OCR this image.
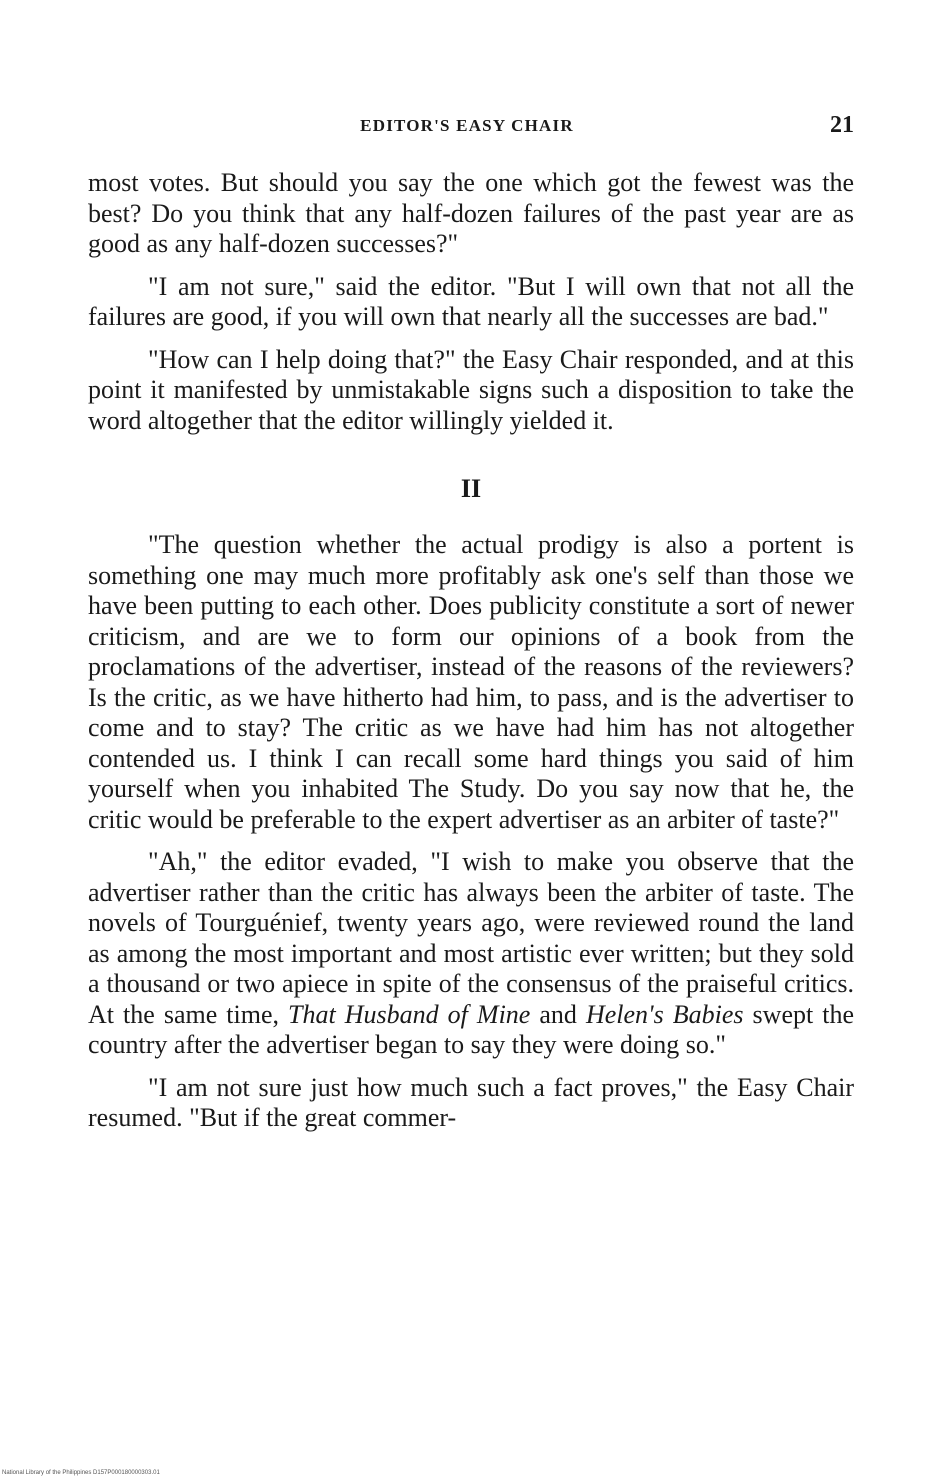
EDITOR'S EASY CHAIR	21

most votes. But should you say the one which got the fewest was the best? Do you think that any half-dozen failures of the past year are as good as any half-dozen successes?"

"I am not sure," said the editor. "But I will own that not all the failures are good, if you will own that nearly all the successes are bad."

"How can I help doing that?" the Easy Chair responded, and at this point it manifested by unmistakable signs such a disposition to take the word altogether that the editor willingly yielded it.

II

"The question whether the actual prodigy is also a portent is something one may much more profitably ask one's self than those we have been putting to each other. Does publicity constitute a sort of newer criticism, and are we to form our opinions of a book from the proclamations of the advertiser, instead of the reasons of the reviewers? Is the critic, as we have hitherto had him, to pass, and is the advertiser to come and to stay? The critic as we have had him has not altogether contended us. I think I can recall some hard things you said of him yourself when you inhabited The Study. Do you say now that he, the critic would be preferable to the expert advertiser as an arbiter of taste?"

"Ah," the editor evaded, "I wish to make you observe that the advertiser rather than the critic has always been the arbiter of taste. The novels of Tourguénief, twenty years ago, were reviewed round the land as among the most important and most artistic ever written; but they sold a thousand or two apiece in spite of the consensus of the praiseful critics. At the same time, That Husband of Mine and Helen's Babies swept the country after the advertiser began to say they were doing so."

"I am not sure just how much such a fact proves," the Easy Chair resumed. "But if the great commer-

National Library of the Philippines D157P000180000303.01
